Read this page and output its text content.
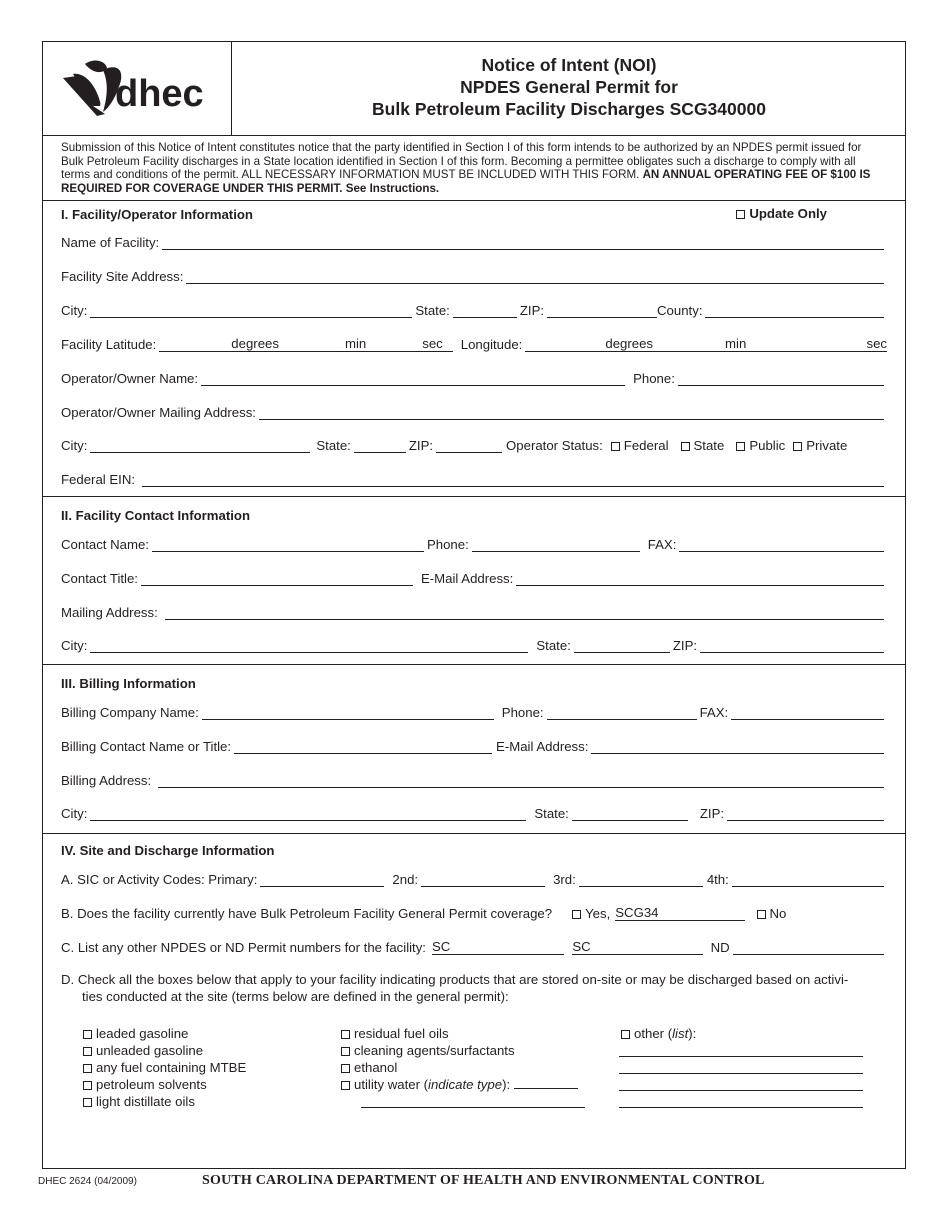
dhec
Notice of Intent (NOI)
NPDES General Permit for
Bulk Petroleum Facility Discharges SCG340000
Submission of this Notice of Intent constitutes notice that the party identified in Section I of this form intends to be authorized by an NPDES permit issued for Bulk Petroleum Facility discharges in a State location identified in Section I of this form. Becoming a permittee obligates such a discharge to comply with all terms and conditions of the permit. ALL NECESSARY INFORMATION MUST BE INCLUDED WITH THIS FORM. AN ANNUAL OPERATING FEE OF $100 IS REQUIRED FOR COVERAGE UNDER THIS PERMIT. See Instructions.
I. Facility/Operator Information	Update Only
Name of Facility:
Facility Site Address:
City:	State:	ZIP:	County:
Facility Latitude:	degrees	min	sec Longitude:	degrees	min	sec
Operator/Owner Name:	Phone:
Operator/Owner Mailing Address:
City:	State:	ZIP:	Operator Status:	Federal	State	Public	Private
Federal EIN:
II. Facility Contact Information
Contact Name:	Phone:	FAX:
Contact Title:	E-Mail Address:
Mailing Address:
City:	State:	ZIP:
III. Billing Information
Billing Company Name:	Phone:	FAX:
Billing Contact Name or Title:	E-Mail Address:
Billing Address:
City:	State:	ZIP:
IV. Site and Discharge Information
A. SIC or Activity Codes: Primary:	2nd:	3rd:	4th:
B. Does the facility currently have Bulk Petroleum Facility General Permit coverage?	Yes, SCG34	No
C. List any other NPDES or ND Permit numbers for the facility: SC	SC	ND
D. Check all the boxes below that apply to your facility indicating products that are stored on-site or may be discharged based on activi-
ties conducted at the site (terms below are defined in the general permit):
leaded gasoline
unleaded gasoline
any fuel containing MTBE
petroleum solvents
light distillate oils
residual fuel oils
cleaning agents/surfactants
ethanol
utility water (indicate type):
other (list):
DHEC 2624 (04/2009)	SOUTH CAROLINA DEPARTMENT OF HEALTH AND ENVIRONMENTAL CONTROL
